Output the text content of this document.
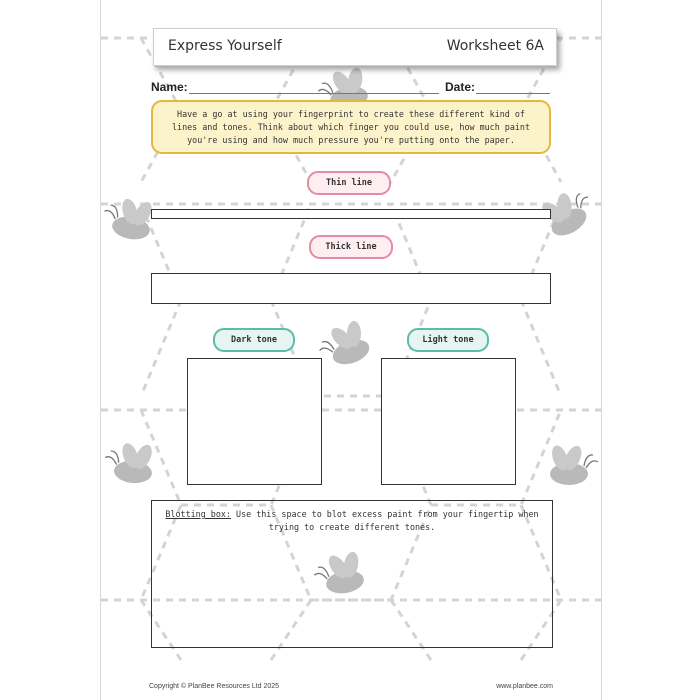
Express Yourself	Worksheet 6A
Name:	Date:

Have a go at using your fingerprint to create these different kind of lines and tones. Think about which finger you could use, how much paint you're using and how much pressure you're putting onto the paper.

Thin line
Thick line
Dark tone	Light tone
Blotting box: Use this space to blot excess paint from your fingertip when trying to create different tones.
Copyright © PlanBee Resources Ltd 2025	www.planbee.com
